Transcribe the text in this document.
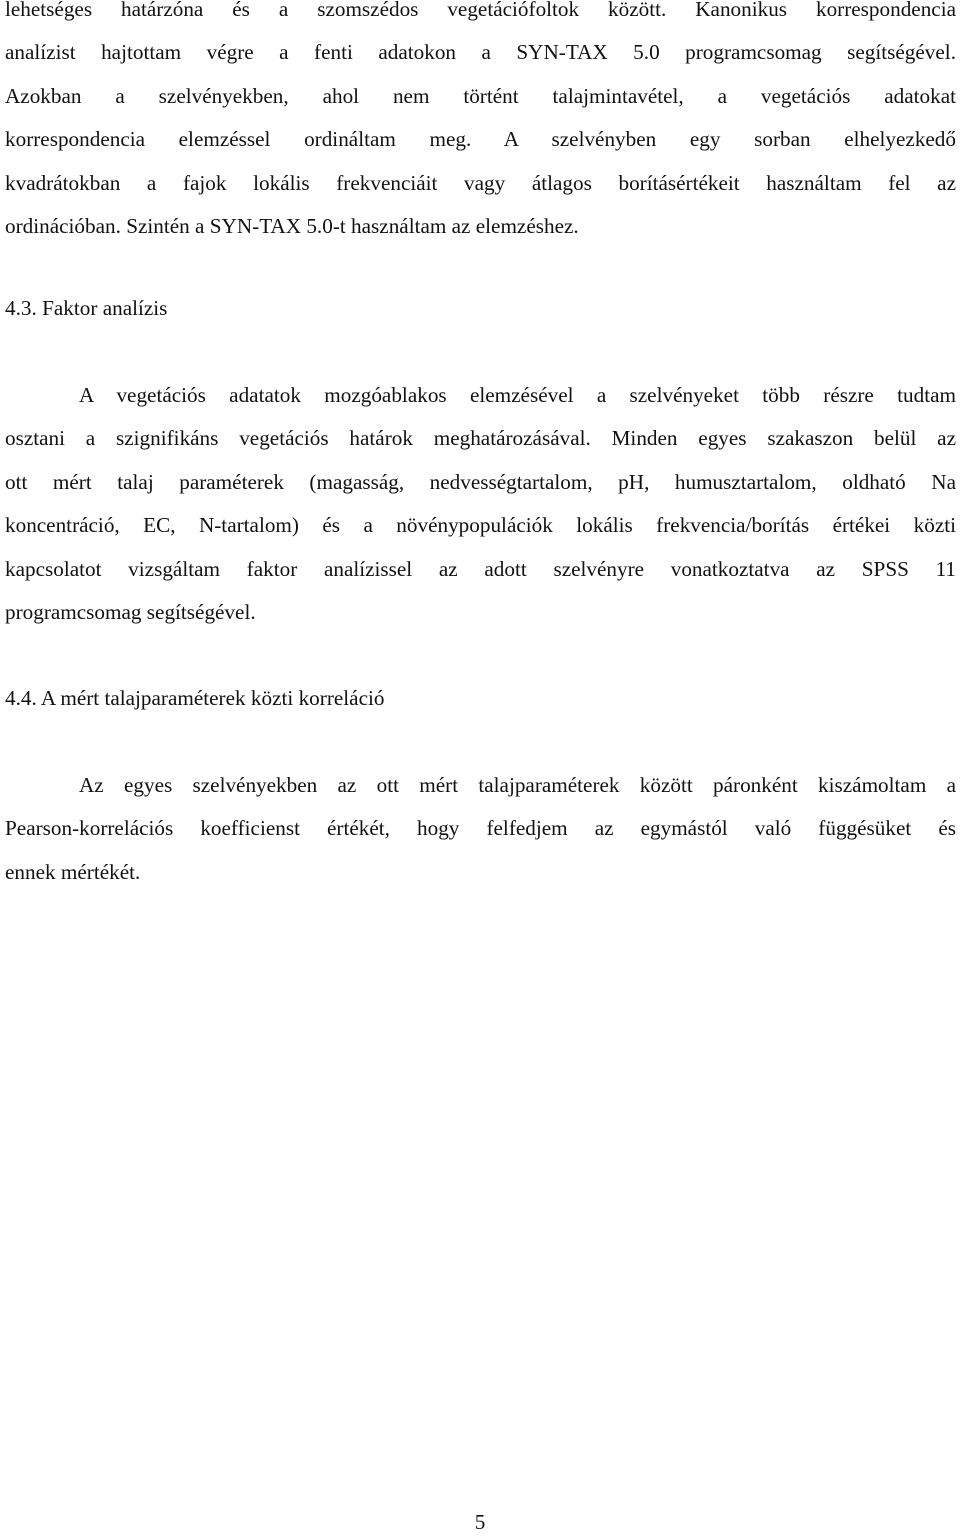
lehetséges határzóna és a szomszédos vegetációfoltok között. Kanonikus korrespondencia
analízist hajtottam végre a fenti adatokon a SYN-TAX 5.0 programcsomag segítségével.
Azokban a szelvényekben, ahol nem történt talajmintavétel, a vegetációs adatokat
korrespondencia elemzéssel ordináltam meg. A szelvényben egy sorban elhelyezkedő
kvadrátokban a fajok lokális frekvenciáit vagy átlagos borításértékeit használtam fel az
ordinációban. Szintén a SYN-TAX 5.0-t használtam az elemzéshez.
4.3. Faktor analízis
A vegetációs adatatok mozgóablakos elemzésével a szelvényeket több részre tudtam
osztani a szignifikáns vegetációs határok meghatározásával. Minden egyes szakaszon belül az
ott mért talaj paraméterek (magasság, nedvességtartalom, pH, humusztartalom, oldható Na
koncentráció, EC, N-tartalom) és a növénypopulációk lokális frekvencia/borítás értékei közti
kapcsolatot vizsgáltam faktor analízissel az adott szelvényre vonatkoztatva az SPSS 11
programcsomag segítségével.
4.4. A mért talajparaméterek közti korreláció
Az egyes szelvényekben az ott mért talajparaméterek között páronként kiszámoltam a
Pearson-korrelációs koefficienst értékét, hogy felfedjem az egymástól való függésüket és
ennek mértékét.
5
